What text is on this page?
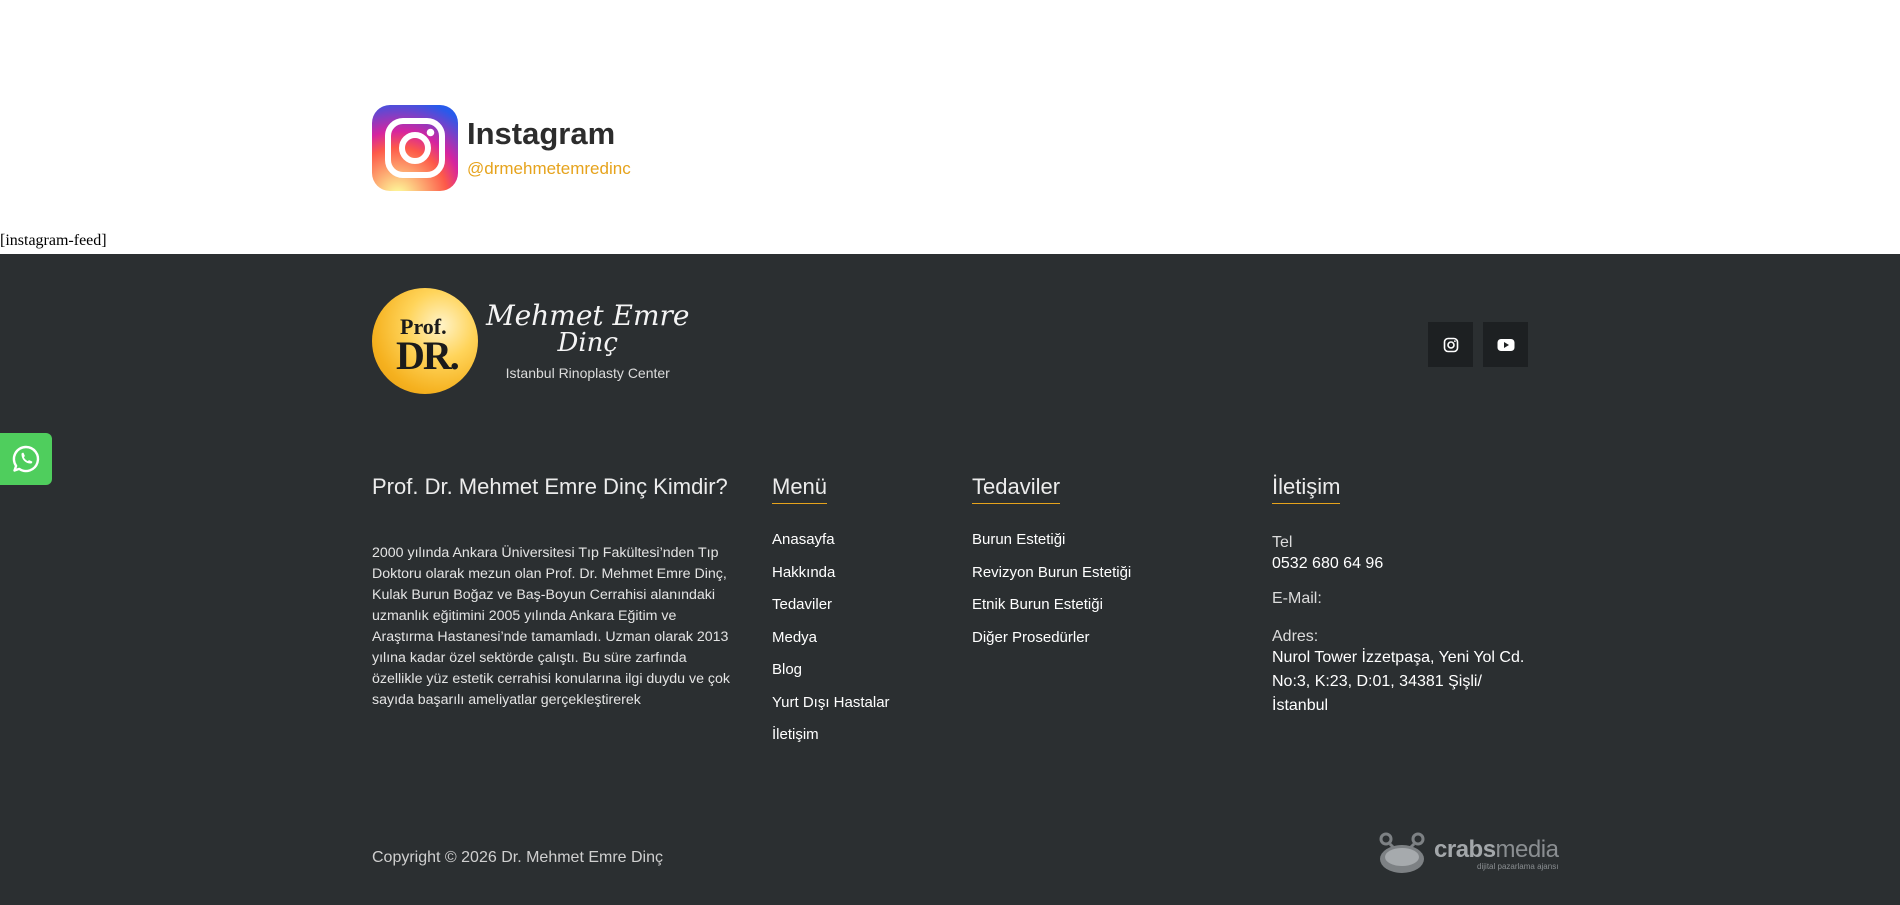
Instagram
@drmehmetemredinc
[instagram-feed]
Prof.
DR.
Mehmet Emre
Dinç
Istanbul Rinoplasty Center
Prof. Dr. Mehmet Emre Dinç Kimdir?

2000 yılında Ankara Üniversitesi Tıp Fakültesi’nden Tıp Doktoru olarak mezun olan Prof. Dr. Mehmet Emre Dinç, Kulak Burun Boğaz ve Baş-Boyun Cerrahisi alanındaki uzmanlık eğitimini 2005 yılında Ankara Eğitim ve Araştırma Hastanesi’nde tamamladı. Uzman olarak 2013 yılına kadar özel sektörde çalıştı. Bu süre zarfında özellikle yüz estetik cerrahisi konularına ilgi duydu ve çok sayıda başarılı ameliyatlar gerçekleştirerek

Menü
Anasayfa
Hakkında
Tedaviler
Medya
Blog
Yurt Dışı Hastalar
İletişim
Tedaviler
Burun Estetiği
Revizyon Burun Estetiği
Etnik Burun Estetiği
Diğer Prosedürler
İletişim
Tel
0532 680 64 96
E-Mail:
Adres:
Nurol Tower İzzetpaşa, Yeni Yol Cd. No:3, K:23, D:01, 34381 Şişli/ İstanbul
Copyright © 2026 Dr. Mehmet Emre Dinç	crabsmedia
dijital pazarlama ajansı
